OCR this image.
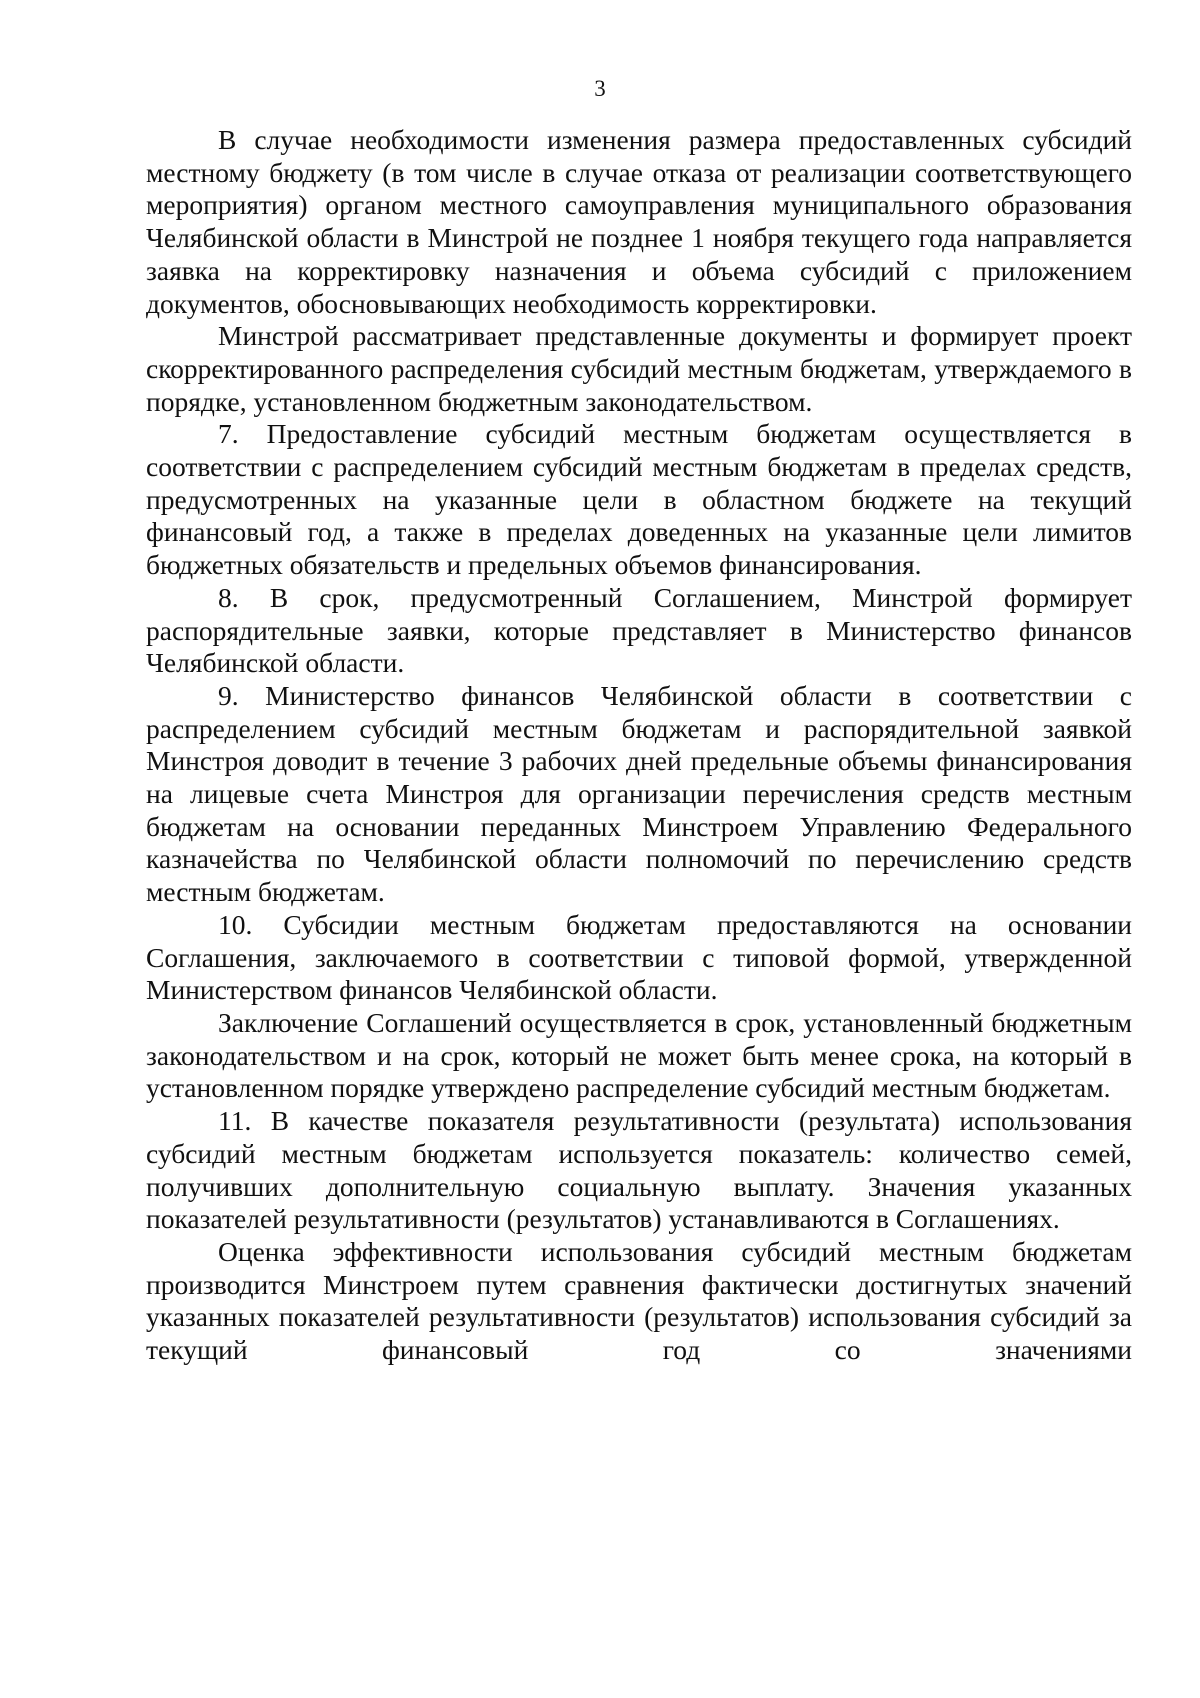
3

В случае необходимости изменения размера предоставленных субсидий местному бюджету (в том числе в случае отказа от реализации соответствующего мероприятия) органом местного самоуправления муниципального образования Челябинской области в Минстрой не позднее 1 ноября текущего года направляется заявка на корректировку назначения и объема субсидий с приложением документов, обосновывающих необходимость корректировки.

Минстрой рассматривает представленные документы и формирует проект скорректированного распределения субсидий местным бюджетам, утверждаемого в порядке, установленном бюджетным законодательством.

7. Предоставление субсидий местным бюджетам осуществляется в соответствии с распределением субсидий местным бюджетам в пределах средств, предусмотренных на указанные цели в областном бюджете на текущий финансовый год, а также в пределах доведенных на указанные цели лимитов бюджетных обязательств и предельных объемов финансирования.

8. В срок, предусмотренный Соглашением, Минстрой формирует распорядительные заявки, которые представляет в Министерство финансов Челябинской области.

9. Министерство финансов Челябинской области в соответствии с распределением субсидий местным бюджетам и распорядительной заявкой Минстроя доводит в течение 3 рабочих дней предельные объемы финансирования на лицевые счета Минстроя для организации перечисления средств местным бюджетам на основании переданных Минстроем Управлению Федерального казначейства по Челябинской области полномочий по перечислению средств местным бюджетам.

10. Субсидии местным бюджетам предоставляются на основании Соглашения, заключаемого в соответствии с типовой формой, утвержденной Министерством финансов Челябинской области.

Заключение Соглашений осуществляется в срок, установленный бюджетным законодательством и на срок, который не может быть менее срока, на который в установленном порядке утверждено распределение субсидий местным бюджетам.

11. В качестве показателя результативности (результата) использования субсидий местным бюджетам используется показатель: количество семей, получивших дополнительную социальную выплату. Значения указанных показателей результативности (результатов) устанавливаются в Соглашениях.

Оценка эффективности использования субсидий местным бюджетам производится Минстроем путем сравнения фактически достигнутых значений указанных показателей результативности (результатов) использования субсидий за текущий финансовый год со значениями
